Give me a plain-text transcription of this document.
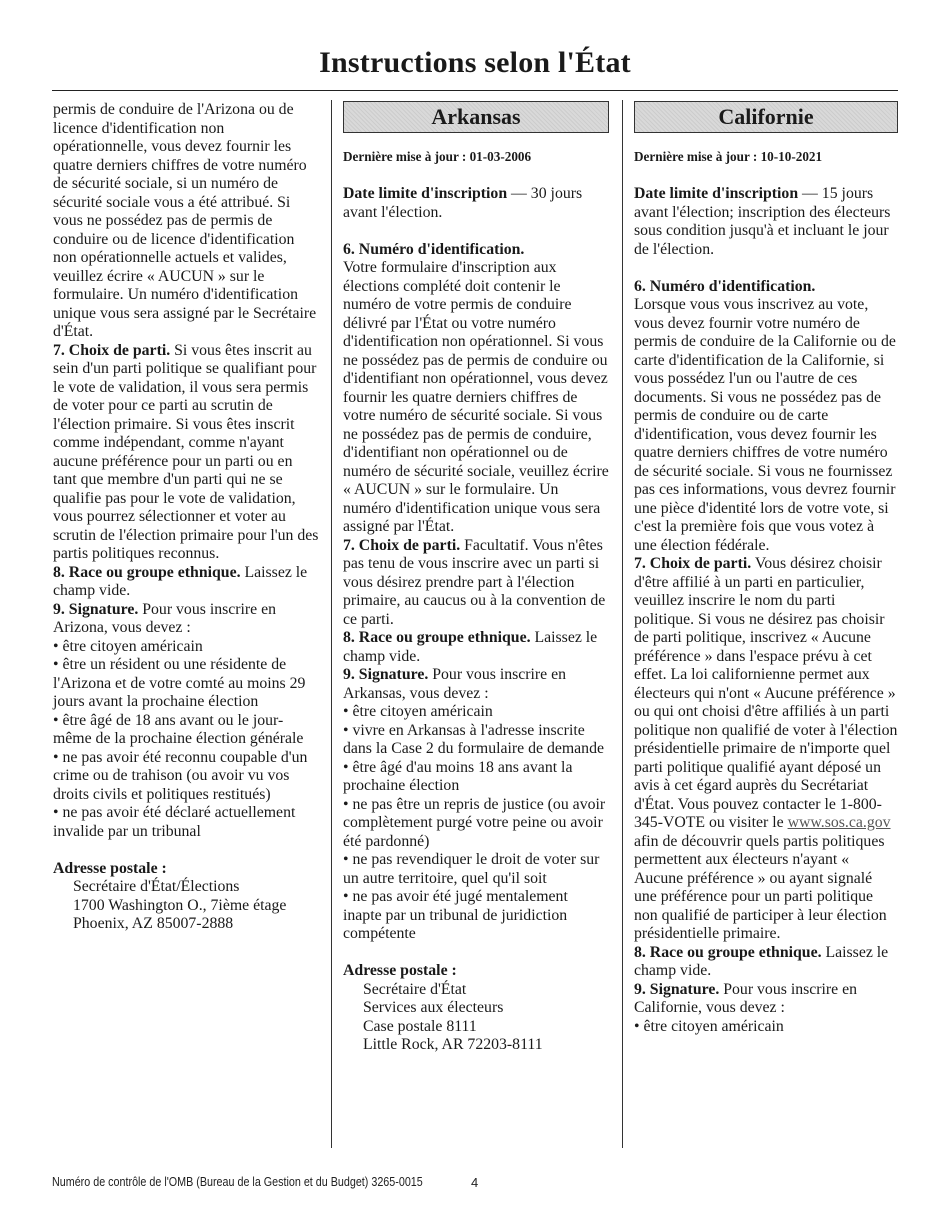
Instructions selon l'État

permis de conduire de l'Arizona ou de licence d'identification non opérationnelle, vous devez fournir les quatre derniers chiffres de votre numéro de sécurité sociale, si un numéro de sécurité sociale vous a été attribué. Si vous ne possédez pas de permis de conduire ou de licence d'identification non opérationnelle actuels et valides, veuillez écrire « AUCUN » sur le formulaire. Un numéro d'identification unique vous sera assigné par le Secrétaire d'État.

7. Choix de parti. Si vous êtes inscrit au sein d'un parti politique se qualifiant pour le vote de validation, il vous sera permis de voter pour ce parti au scrutin de l'élection primaire. Si vous êtes inscrit comme indépendant, comme n'ayant aucune préférence pour un parti ou en tant que membre d'un parti qui ne se qualifie pas pour le vote de validation, vous pourrez sélectionner et voter au scrutin de l'élection primaire pour l'un des partis politiques reconnus.

8. Race ou groupe ethnique. Laissez le champ vide.

9. Signature. Pour vous inscrire en Arizona, vous devez :

• être citoyen américain

• être un résident ou une résidente de l'Arizona et de votre comté au moins 29 jours avant la prochaine élection

• être âgé de 18 ans avant ou le jour-même de la prochaine élection générale

• ne pas avoir été reconnu coupable d'un crime ou de trahison (ou avoir vu vos droits civils et politiques restitués)

• ne pas avoir été déclaré actuellement invalide par un tribunal

Adresse postale :

Secrétaire d'État/Élections

1700 Washington O., 7ième étage

Phoenix, AZ 85007-2888

Arkansas
Dernière mise à jour : 01-03-2006

Date limite d'inscription — 30 jours avant l'élection.

6. Numéro d'identification.

Votre formulaire d'inscription aux élections complété doit contenir le numéro de votre permis de conduire délivré par l'État ou votre numéro d'identification non opérationnel. Si vous ne possédez pas de permis de conduire ou d'identifiant non opérationnel, vous devez fournir les quatre derniers chiffres de votre numéro de sécurité sociale. Si vous ne possédez pas de permis de conduire, d'identifiant non opérationnel ou de numéro de sécurité sociale, veuillez écrire « AUCUN » sur le formulaire. Un numéro d'identification unique vous sera assigné par l'État.

7. Choix de parti. Facultatif. Vous n'êtes pas tenu de vous inscrire avec un parti si vous désirez prendre part à l'élection primaire, au caucus ou à la convention de ce parti.

8. Race ou groupe ethnique. Laissez le champ vide.

9. Signature. Pour vous inscrire en Arkansas, vous devez :

• être citoyen américain

• vivre en Arkansas à l'adresse inscrite dans la Case 2 du formulaire de demande

• être âgé d'au moins 18 ans avant la prochaine élection

• ne pas être un repris de justice (ou avoir complètement purgé votre peine ou avoir été pardonné)

• ne pas revendiquer le droit de voter sur un autre territoire, quel qu'il soit

• ne pas avoir été jugé mentalement inapte par un tribunal de juridiction compétente

Adresse postale :

Secrétaire d'État

Services aux électeurs

Case postale 8111

Little Rock, AR 72203-8111

Californie
Dernière mise à jour : 10-10-2021

Date limite d'inscription — 15 jours avant l'élection; inscription des électeurs sous condition jusqu'à et incluant le jour de l'élection.

6. Numéro d'identification.

Lorsque vous vous inscrivez au vote, vous devez fournir votre numéro de permis de conduire de la Californie ou de carte d'identification de la Californie, si vous possédez l'un ou l'autre de ces documents. Si vous ne possédez pas de permis de conduire ou de carte d'identification, vous devez fournir les quatre derniers chiffres de votre numéro de sécurité sociale. Si vous ne fournissez pas ces informations, vous devrez fournir une pièce d'identité lors de votre vote, si c'est la première fois que vous votez à une élection fédérale.

7. Choix de parti. Vous désirez choisir d'être affilié à un parti en particulier, veuillez inscrire le nom du parti politique. Si vous ne désirez pas choisir de parti politique, inscrivez « Aucune préférence » dans l'espace prévu à cet effet. La loi californienne permet aux électeurs qui n'ont « Aucune préférence » ou qui ont choisi d'être affiliés à un parti politique non qualifié de voter à l'élection présidentielle primaire de n'importe quel parti politique qualifié ayant déposé un avis à cet égard auprès du Secrétariat d'État. Vous pouvez contacter le 1-800-345-VOTE ou visiter le www.sos.ca.gov afin de découvrir quels partis politiques permettent aux électeurs n'ayant « Aucune préférence » ou ayant signalé une préférence pour un parti politique non qualifié de participer à leur élection présidentielle primaire.

8. Race ou groupe ethnique. Laissez le champ vide.

9. Signature. Pour vous inscrire en Californie, vous devez :

• être citoyen américain

Numéro de contrôle de l'OMB (Bureau de la Gestion et du Budget) 3265-0015	4
